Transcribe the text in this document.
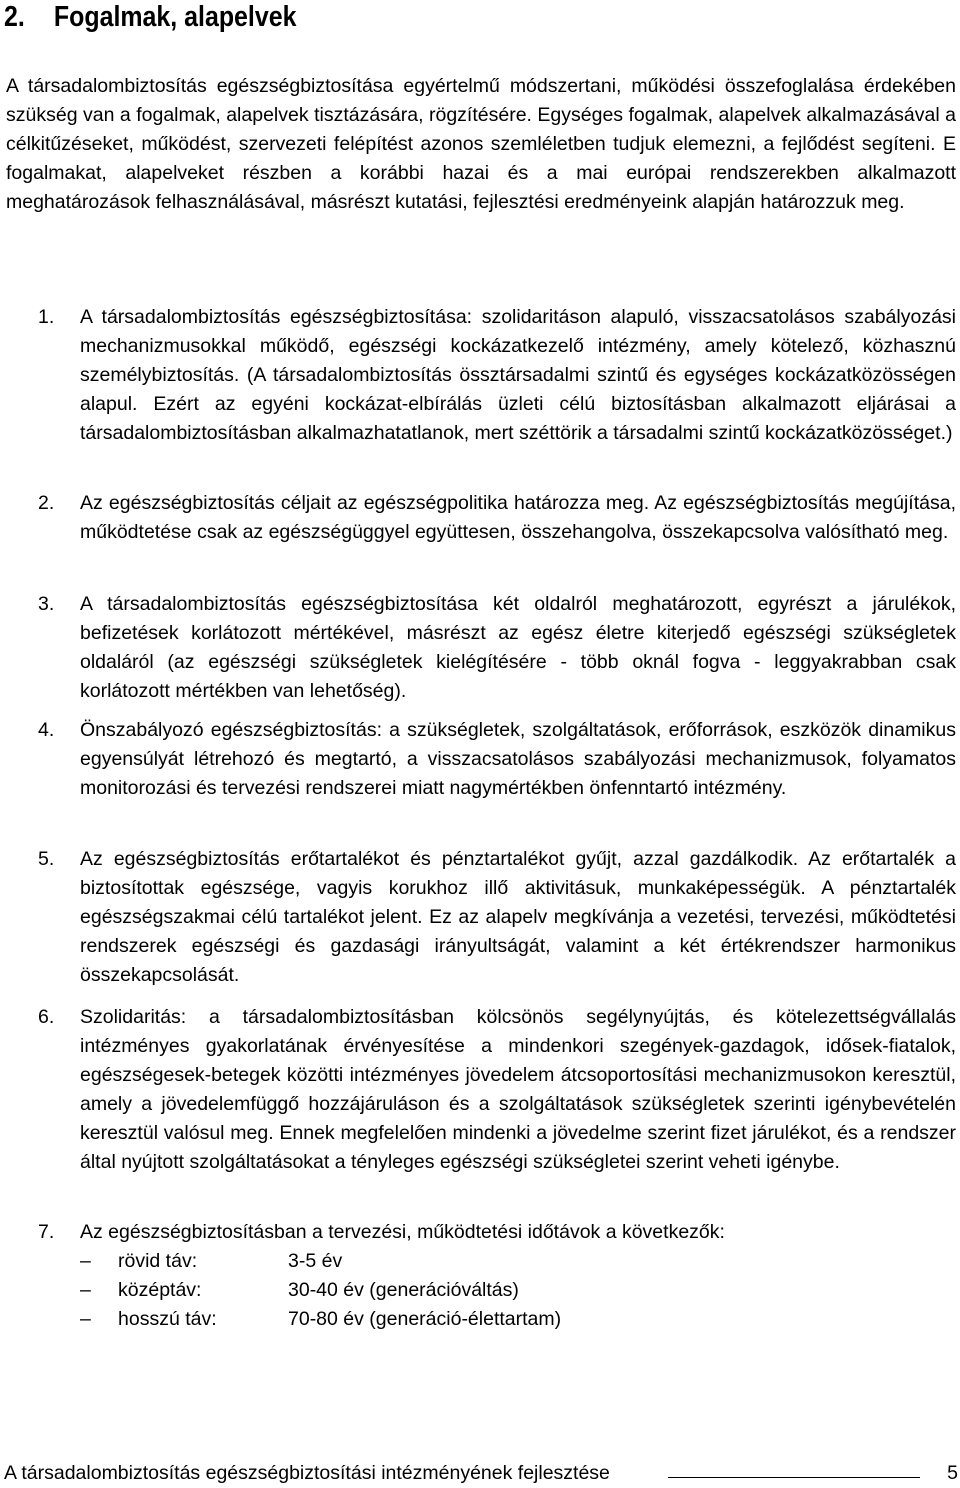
2. Fogalmak, alapelvek

A társadalombiztosítás egészségbiztosítása egyértelmű módszertani, működési összefoglalása érdekében szükség van a fogalmak, alapelvek tisztázására, rögzítésére. Egységes fogalmak, alapelvek alkalmazásával a célkitűzéseket, működést, szervezeti felépítést azonos szemléletben tudjuk elemezni, a fejlődést segíteni. E fogalmakat, alapelveket részben a korábbi hazai és a mai európai rendszerekben alkalmazott meghatározások felhasználásával, másrészt kutatási, fejlesztési eredményeink alapján határozzuk meg.

1. A társadalombiztosítás egészségbiztosítása: szolidaritáson alapuló, visszacsatolásos szabályozási mechanizmusokkal működő, egészségi kockázatkezelő intézmény, amely kötelező, közhasznú személybiztosítás. (A társadalombiztosítás össztársadalmi szintű és egységes kockázatközösségen alapul. Ezért az egyéni kockázat-elbírálás üzleti célú biztosításban alkalmazott eljárásai a társadalombiztosításban alkalmazhatatlanok, mert széttörik a társadalmi szintű kockázatközösséget.)

2. Az egészségbiztosítás céljait az egészségpolitika határozza meg. Az egészségbiztosítás megújítása, működtetése csak az egészségüggyel együttesen, összehangolva, összekapcsolva valósítható meg.

3. A társadalombiztosítás egészségbiztosítása két oldalról meghatározott, egyrészt a járulékok, befizetések korlátozott mértékével, másrészt az egész életre kiterjedő egészségi szükségletek oldaláról (az egészségi szükségletek kielégítésére - több oknál fogva - leggyakrabban csak korlátozott mértékben van lehetőség).

4. Önszabályozó egészségbiztosítás: a szükségletek, szolgáltatások, erőforrások, eszközök dinamikus egyensúlyát létrehozó és megtartó, a visszacsatolásos szabályozási mechanizmusok, folyamatos monitorozási és tervezési rendszerei miatt nagymértékben önfenntartó intézmény.

5. Az egészségbiztosítás erőtartalékot és pénztartalékot gyűjt, azzal gazdálkodik. Az erőtartalék a biztosítottak egészsége, vagyis korukhoz illő aktivitásuk, munkaképességük. A pénztartalék egészségszakmai célú tartalékot jelent. Ez az alapelv megkívánja a vezetési, tervezési, működtetési rendszerek egészségi és gazdasági irányultságát, valamint a két értékrendszer harmonikus összekapcsolását.

6. Szolidaritás: a társadalombiztosításban kölcsönös segélynyújtás, és kötelezettségvállalás intézményes gyakorlatának érvényesítése a mindenkori szegények-gazdagok, idősek-fiatalok, egészségesek-betegek közötti intézményes jövedelem átcsoportosítási mechanizmusokon keresztül, amely a jövedelemfüggő hozzájáruláson és a szolgáltatások szükségletek szerinti igénybevételén keresztül valósul meg. Ennek megfelelően mindenki a jövedelme szerint fizet járulékot, és a rendszer által nyújtott szolgáltatásokat a tényleges egészségi szükségletei szerint veheti igénybe.

7. Az egészségbiztosításban a tervezési, működtetési időtávok a következők:

– rövid táv:	3-5 év
– középtáv:	30-40 év (generációváltás)
– hosszú táv:	70-80 év (generáció-élettartam)
A társadalombiztosítás egészségbiztosítási intézményének fejlesztése	5
